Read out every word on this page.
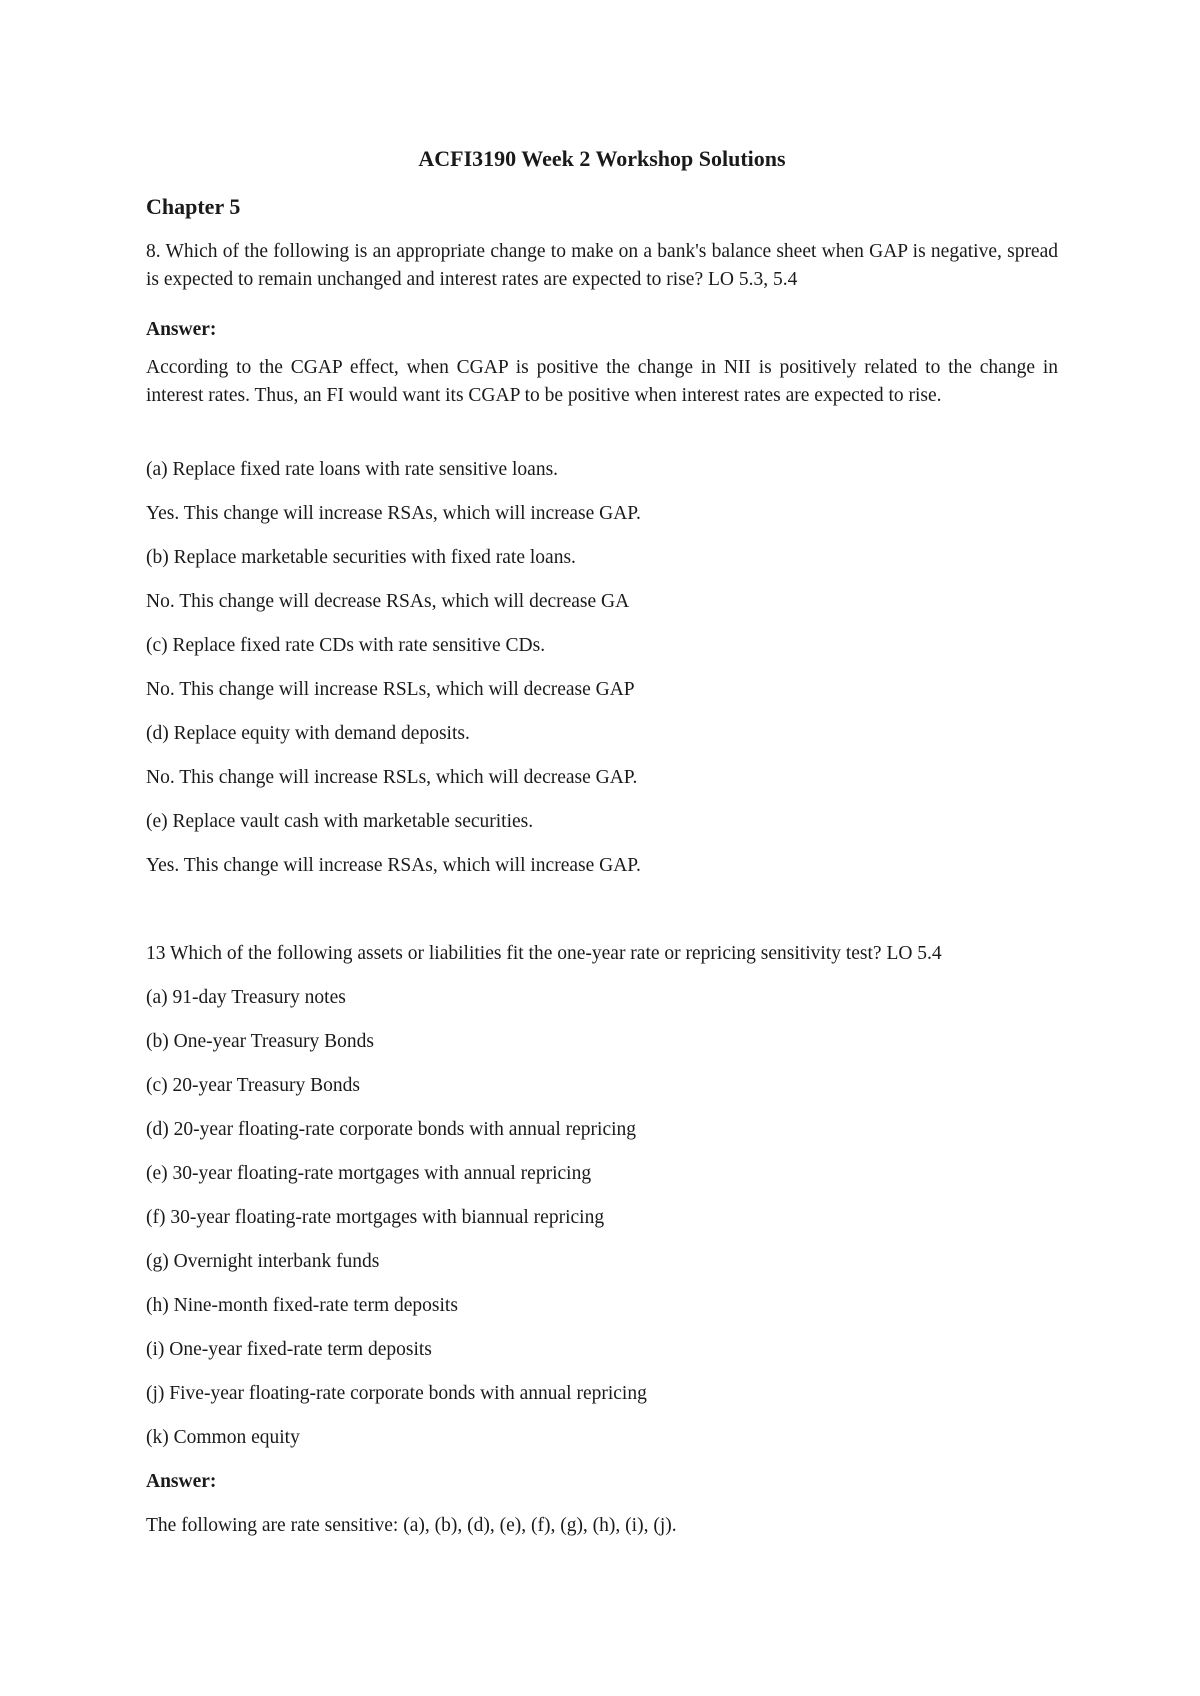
ACFI3190 Week 2 Workshop Solutions
Chapter 5
8. Which of the following is an appropriate change to make on a bank's balance sheet when GAP is negative, spread is expected to remain unchanged and interest rates are expected to rise? LO 5.3, 5.4
Answer:
According to the CGAP effect, when CGAP is positive the change in NII is positively related to the change in interest rates. Thus, an FI would want its CGAP to be positive when interest rates are expected to rise.
(a) Replace fixed rate loans with rate sensitive loans.
Yes. This change will increase RSAs, which will increase GAP.
(b) Replace marketable securities with fixed rate loans.
No. This change will decrease RSAs, which will decrease GA
(c) Replace fixed rate CDs with rate sensitive CDs.
No. This change will increase RSLs, which will decrease GAP
(d) Replace equity with demand deposits.
No. This change will increase RSLs, which will decrease GAP.
(e) Replace vault cash with marketable securities.
Yes. This change will increase RSAs, which will increase GAP.
13 Which of the following assets or liabilities fit the one-year rate or repricing sensitivity test? LO 5.4
(a) 91-day Treasury notes
(b) One-year Treasury Bonds
(c) 20-year Treasury Bonds
(d) 20-year floating-rate corporate bonds with annual repricing
(e) 30-year floating-rate mortgages with annual repricing
(f) 30-year floating-rate mortgages with biannual repricing
(g) Overnight interbank funds
(h) Nine-month fixed-rate term deposits
(i) One-year fixed-rate term deposits
(j) Five-year floating-rate corporate bonds with annual repricing
(k) Common equity
Answer:
The following are rate sensitive: (a), (b), (d), (e), (f), (g), (h), (i), (j).
